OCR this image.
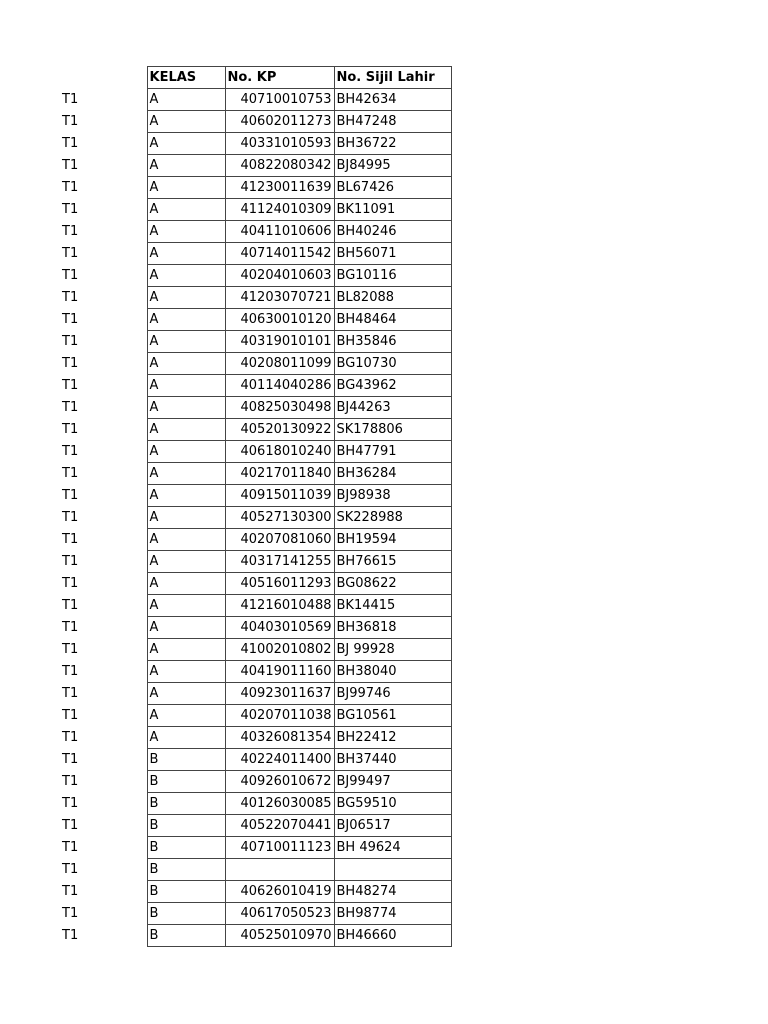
	KELAS	No. KP	No. Sijil Lahir
T1	A	40710010753	BH42634
T1	A	40602011273	BH47248
T1	A	40331010593	BH36722
T1	A	40822080342	BJ84995
T1	A	41230011639	BL67426
T1	A	41124010309	BK11091
T1	A	40411010606	BH40246
T1	A	40714011542	BH56071
T1	A	40204010603	BG10116
T1	A	41203070721	BL82088
T1	A	40630010120	BH48464
T1	A	40319010101	BH35846
T1	A	40208011099	BG10730
T1	A	40114040286	BG43962
T1	A	40825030498	BJ44263
T1	A	40520130922	SK178806
T1	A	40618010240	BH47791
T1	A	40217011840	BH36284
T1	A	40915011039	BJ98938
T1	A	40527130300	SK228988
T1	A	40207081060	BH19594
T1	A	40317141255	BH76615
T1	A	40516011293	BG08622
T1	A	41216010488	BK14415
T1	A	40403010569	BH36818
T1	A	41002010802	BJ 99928
T1	A	40419011160	BH38040
T1	A	40923011637	BJ99746
T1	A	40207011038	BG10561
T1	A	40326081354	BH22412
T1	B	40224011400	BH37440
T1	B	40926010672	BJ99497
T1	B	40126030085	BG59510
T1	B	40522070441	BJ06517
T1	B	40710011123	BH 49624
T1	B		
T1	B	40626010419	BH48274
T1	B	40617050523	BH98774
T1	B	40525010970	BH46660
